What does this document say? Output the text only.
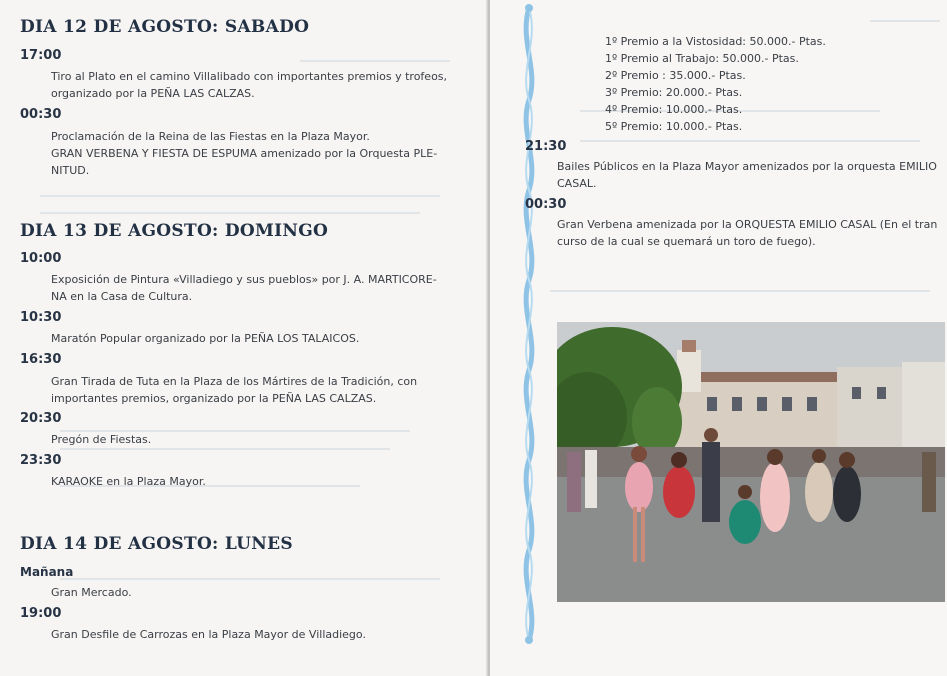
DIA 12 DE AGOSTO: SABADO
17:00

Tiro al Plato en el camino Villalibado con importantes premios y trofeos,
organizado por la PEÑA LAS CALZAS.

00:30

Proclamación de la Reina de las Fiestas en la Plaza Mayor.
GRAN VERBENA Y FIESTA DE ESPUMA amenizado por la Orquesta PLE-
NITUD.

DIA 13 DE AGOSTO: DOMINGO
10:00

Exposición de Pintura «Villadiego y sus pueblos» por J. A. MARTICORE-
NA en la Casa de Cultura.

10:30

Maratón Popular organizado por la PEÑA LOS TALAICOS.

16:30

Gran Tirada de Tuta en la Plaza de los Mártires de la Tradición, con
importantes premios, organizado por la PEÑA LAS CALZAS.

20:30

Pregón de Fiestas.

23:30

KARAOKE en la Plaza Mayor.

DIA 14 DE AGOSTO: LUNES
Mañana

Gran Mercado.

19:00

Gran Desfile de Carrozas en la Plaza Mayor de Villadiego.

1º Premio a la Vistosidad: 50.000.- Ptas.
1º Premio al Trabajo: 50.000.- Ptas.
2º Premio : 35.000.- Ptas.
3º Premio: 20.000.- Ptas.
4º Premio: 10.000.- Ptas.
5º Premio: 10.000.- Ptas.
21:30

Bailes Públicos en la Plaza Mayor amenizados por la orquesta EMILIO
CASAL.

00:30

Gran Verbena amenizada por la ORQUESTA EMILIO CASAL (En el tran
curso de la cual se quemará un toro de fuego).
